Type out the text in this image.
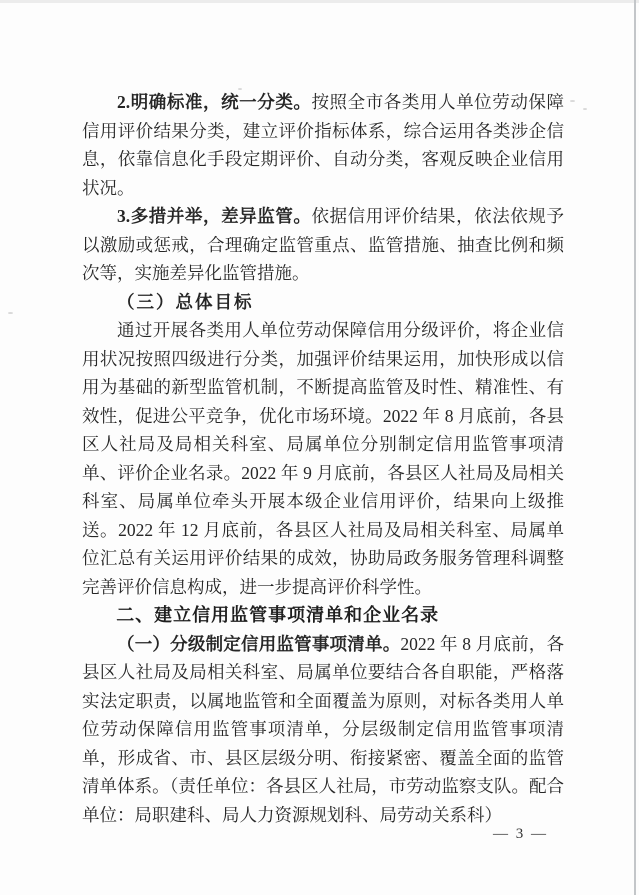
2.明确标准，统一分类。按照全市各类用人单位劳动保障信用评价结果分类，建立评价指标体系，综合运用各类涉企信息，依靠信息化手段定期评价、自动分类，客观反映企业信用状况。

3.多措并举，差异监管。依据信用评价结果，依法依规予以激励或惩戒，合理确定监管重点、监管措施、抽查比例和频次等，实施差异化监管措施。

（三）总体目标

通过开展各类用人单位劳动保障信用分级评价，将企业信用状况按照四级进行分类，加强评价结果运用，加快形成以信用为基础的新型监管机制，不断提高监管及时性、精准性、有效性，促进公平竞争，优化市场环境。2022 年 8 月底前，各县区人社局及局相关科室、局属单位分别制定信用监管事项清单、评价企业名录。2022 年 9 月底前，各县区人社局及局相关科室、局属单位牵头开展本级企业信用评价，结果向上级推送。2022 年 12 月底前，各县区人社局及局相关科室、局属单位汇总有关运用评价结果的成效，协助局政务服务管理科调整完善评价信息构成，进一步提高评价科学性。

二、建立信用监管事项清单和企业名录

（一）分级制定信用监管事项清单。2022 年 8 月底前，各县区人社局及局相关科室、局属单位要结合各自职能，严格落实法定职责，以属地监管和全面覆盖为原则，对标各类用人单位劳动保障信用监管事项清单，分层级制定信用监管事项清单，形成省、市、县区层级分明、衔接紧密、覆盖全面的监管清单体系。（责任单位：各县区人社局，市劳动监察支队。配合单位：局职建科、局人力资源规划科、局劳动关系科）

— 3 —
